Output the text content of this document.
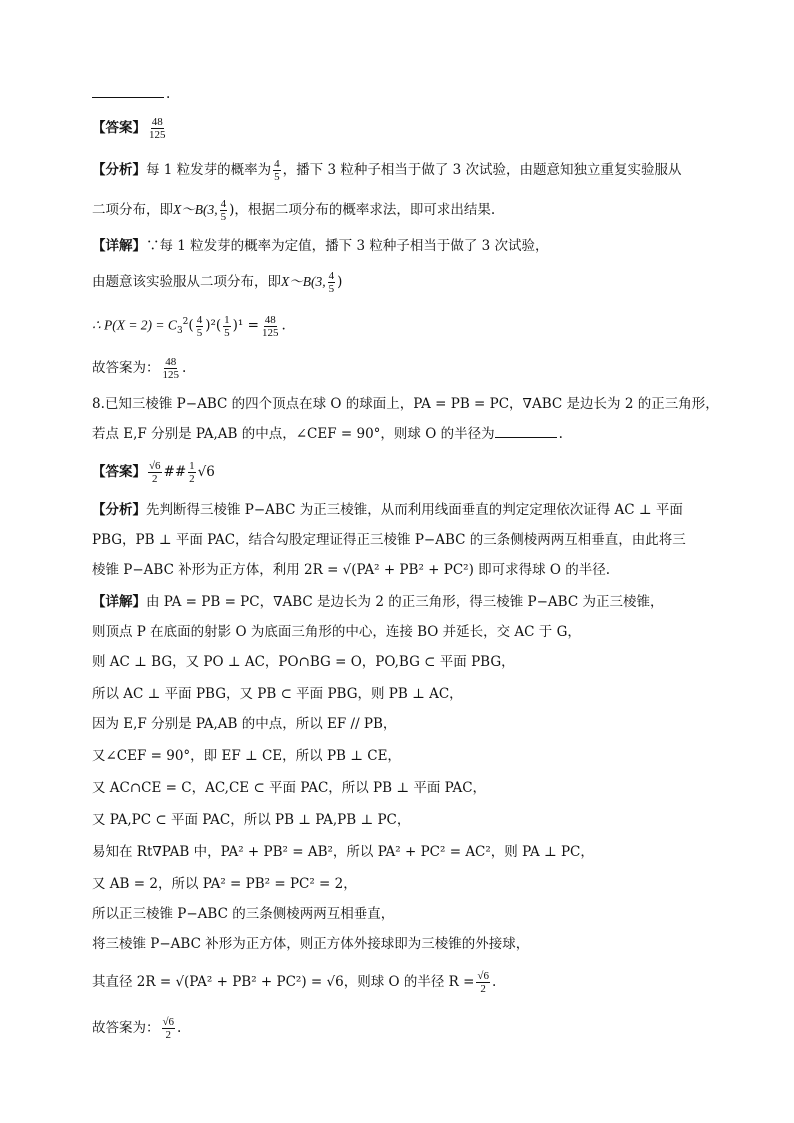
.
【答案】 $\frac{48}{125}$
【分析】每 1 粒发芽的概率为 $\frac{4}{5}$ ，播下 3 粒种子相当于做了 3 次试验，由题意知独立重复实验服从
二项分布，即X～B(3, $\frac{4}{5}$ )，根据二项分布的概率求法，即可求出结果.
【详解】∵每 1 粒发芽的概率为定值，播下 3 粒种子相当于做了 3 次试验，
由题意该实验服从二项分布，即X～B(3, $\frac{4}{5}$ )
∴ $P(X = 2) = C_3^2( \frac{4}{5} )^2( \frac{1}{5} )^1 = \frac{48}{125}$ .
故答案为： $\frac{48}{125}$ .
8.已知三棱锥 P−ABC 的四个顶点在球 O 的球面上，PA = PB = PC，∇ABC 是边长为 2 的正三角形，
若点 E,F 分别是 PA,AB 的中点，∠CEF = 90°，则球 O 的半径为	.
【答案】 $\frac{√6}{2}$ ## $\frac{1}{2} √6$
【分析】先判断得三棱锥 P−ABC 为正三棱锥，从而利用线面垂直的判定定理依次证得 AC ⊥ 平面
PBG，PB ⊥ 平面 PAC，结合勾股定理证得正三棱锥 P−ABC 的三条侧棱两两互相垂直，由此将三
棱锥 P−ABC 补形为正方体，利用 2R = √(PA² + PB² + PC²) 即可求得球 O 的半径.
【详解】由 PA = PB = PC，∇ABC 是边长为 2 的正三角形，得三棱锥 P−ABC 为正三棱锥，
则顶点 P 在底面的射影 O 为底面三角形的中心，连接 BO 并延长，交 AC 于 G，
则 AC ⊥ BG，又 PO ⊥ AC，PO∩BG = O，PO,BG ⊂ 平面 PBG，
所以 AC ⊥ 平面 PBG，又 PB ⊂ 平面 PBG，则 PB ⊥ AC，
因为 E,F 分别是 PA,AB 的中点，所以 EF // PB，
又∠CEF = 90°，即 EF ⊥ CE，所以 PB ⊥ CE，
又 AC∩CE = C，AC,CE ⊂ 平面 PAC，所以 PB ⊥ 平面 PAC，
又 PA,PC ⊂ 平面 PAC，所以 PB ⊥ PA,PB ⊥ PC，
易知在 Rt∇PAB 中，PA² + PB² = AB²，所以 PA² + PC² = AC²，则 PA ⊥ PC，
又 AB = 2，所以 PA² = PB² = PC² = 2，
所以正三棱锥 P−ABC 的三条侧棱两两互相垂直，
将三棱锥 P−ABC 补形为正方体，则正方体外接球即为三棱锥的外接球，
其直径 2R = √(PA² + PB² + PC²) = √6，则球 O 的半径 $R = \frac{√6}{2}$ .
故答案为： $\frac{√6}{2}$ .
